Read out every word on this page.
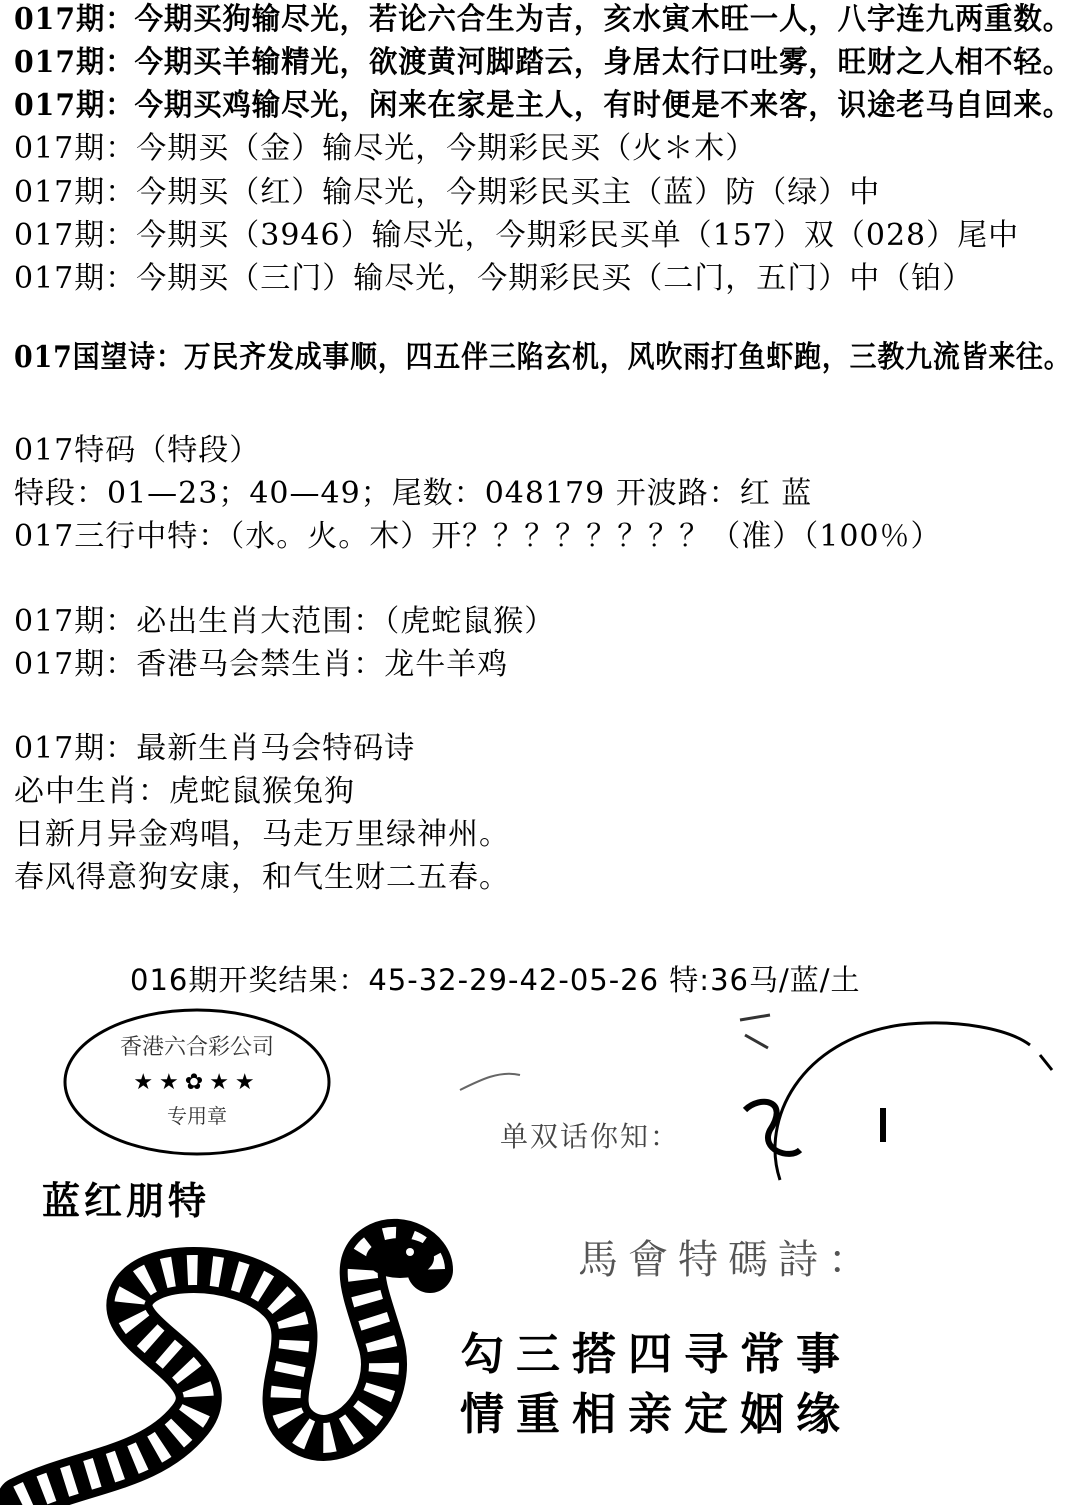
017期：今期买狗输尽光，若论六合生为吉，亥水寅木旺一人，八字连九两重数。
017期：今期买羊输精光，欲渡黄河脚踏云，身居太行口吐雾，旺财之人相不轻。
017期：今期买鸡输尽光，闲来在家是主人，有时便是不来客，识途老马自回来。
017期：今期买（金）输尽光，今期彩民买（火＊木）
017期：今期买（红）输尽光，今期彩民买主（蓝）防（绿）中
017期：今期买（3946）输尽光，今期彩民买单（157）双（028）尾中
017期：今期买（三门）输尽光，今期彩民买（二门，五门）中（铂）
017国望诗：万民齐发成事顺，四五伴三陷玄机，风吹雨打鱼虾跑，三教九流皆来往。
017特码（特段）
特段：01—23；40—49；尾数：048179 开波路：红 蓝
017三行中特：（水。火。木）开？？？？？？？？（准）（100％）
017期：必出生肖大范围：（虎蛇鼠猴）
017期：香港马会禁生肖：龙牛羊鸡
017期：最新生肖马会特码诗
必中生肖：虎蛇鼠猴兔狗
日新月异金鸡唱，马走万里绿神州。
春风得意狗安康，和气生财二五春。
016期开奖结果：45-32-29-42-05-26 特:36马/蓝/土
香港六合彩公司
★★✿★★
专用章
单双话你知：
蓝红朋特
馬會特碼詩：
勾三搭四寻常事
情重相亲定姻缘
